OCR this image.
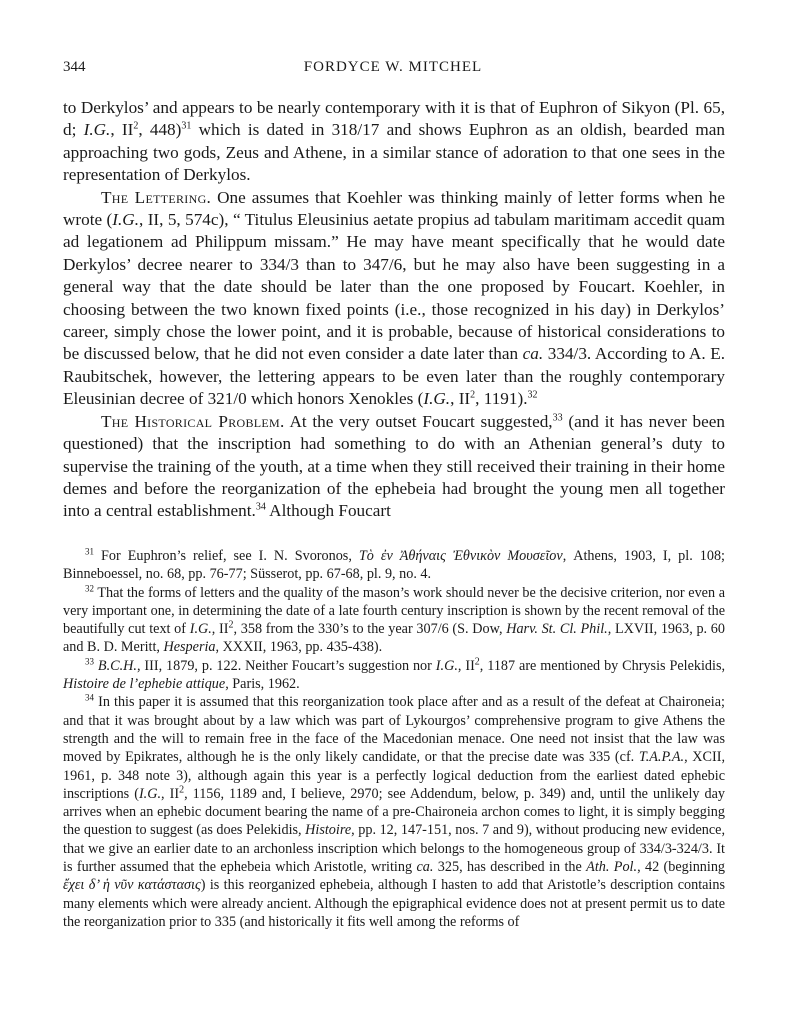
344	FORDYCE W. MITCHEL

to Derkylos’ and appears to be nearly contemporary with it is that of Euphron of Sikyon (Pl. 65, d; I.G., $II^2$, 448)$^{31}$ which is dated in 318/17 and shows Euphron as an oldish, bearded man approaching two gods, Zeus and Athene, in a similar stance of adoration to that one sees in the representation of Derkylos.

The Lettering. One assumes that Koehler was thinking mainly of letter forms when he wrote (I.G., II, 5, 574c), “ Titulus Eleusinius aetate propius ad tabulam maritimam accedit quam ad legationem ad Philippum missam.” He may have meant specifically that he would date Derkylos’ decree nearer to 334/3 than to 347/6, but he may also have been suggesting in a general way that the date should be later than the one proposed by Foucart. Koehler, in choosing between the two known fixed points (i.e., those recognized in his day) in Derkylos’ career, simply chose the lower point, and it is probable, because of historical considerations to be discussed below, that he did not even consider a date later than ca. 334/3. According to A. E. Raubitschek, however, the lettering appears to be even later than the roughly contemporary Eleusinian decree of 321/0 which honors Xenokles (I.G., $II^2$, 1191).$^{32}$

The Historical Problem. At the very outset Foucart suggested,$^{33}$ (and it has never been questioned) that the inscription had something to do with an Athenian general’s duty to supervise the training of the youth, at a time when they still received their training in their home demes and before the reorganization of the ephebeia had brought the young men all together into a central establishment.$^{34}$ Although Foucart

$^{31}$ For Euphron’s relief, see I. N. Svoronos, Τὸ ἐν Ἀθήναις Ἐθνικὸν Μουσεῖον, Athens, 1903, I, pl. 108; Binneboessel, no. 68, pp. 76-77; Süsserot, pp. 67-68, pl. 9, no. 4.

$^{32}$ That the forms of letters and the quality of the mason’s work should never be the decisive criterion, nor even a very important one, in determining the date of a late fourth century inscription is shown by the recent removal of the beautifully cut text of I.G., $II^2$, 358 from the 330’s to the year 307/6 (S. Dow, Harv. St. Cl. Phil., LXVII, 1963, p. 60 and B. D. Meritt, Hesperia, XXXII, 1963, pp. 435-438).

$^{33}$ B.C.H., III, 1879, p. 122. Neither Foucart’s suggestion nor I.G., $II^2$, 1187 are mentioned by Chrysis Pelekidis, Histoire de l’ephebie attique, Paris, 1962.

$^{34}$ In this paper it is assumed that this reorganization took place after and as a result of the defeat at Chaironeia; and that it was brought about by a law which was part of Lykourgos’ comprehensive program to give Athens the strength and the will to remain free in the face of the Macedonian menace. One need not insist that the law was moved by Epikrates, although he is the only likely candidate, or that the precise date was 335 (cf. T.A.P.A., XCII, 1961, p. 348 note 3), although again this year is a perfectly logical deduction from the earliest dated ephebic inscriptions (I.G., $II^2$, 1156, 1189 and, I believe, 2970; see Addendum, below, p. 349) and, until the unlikely day arrives when an ephebic document bearing the name of a pre-Chaironeia archon comes to light, it is simply begging the question to suggest (as does Pelekidis, Histoire, pp. 12, 147-151, nos. 7 and 9), without producing new evidence, that we give an earlier date to an archonless inscription which belongs to the homogeneous group of 334/3-324/3. It is further assumed that the ephebeia which Aristotle, writing ca. 325, has described in the Ath. Pol., 42 (beginning ἔχει δ’ ἡ νῦν κατάστασις) is this reorganized ephebeia, although I hasten to add that Aristotle’s description contains many elements which were already ancient. Although the epigraphical evidence does not at present permit us to date the reorganization prior to 335 (and historically it fits well among the reforms of
